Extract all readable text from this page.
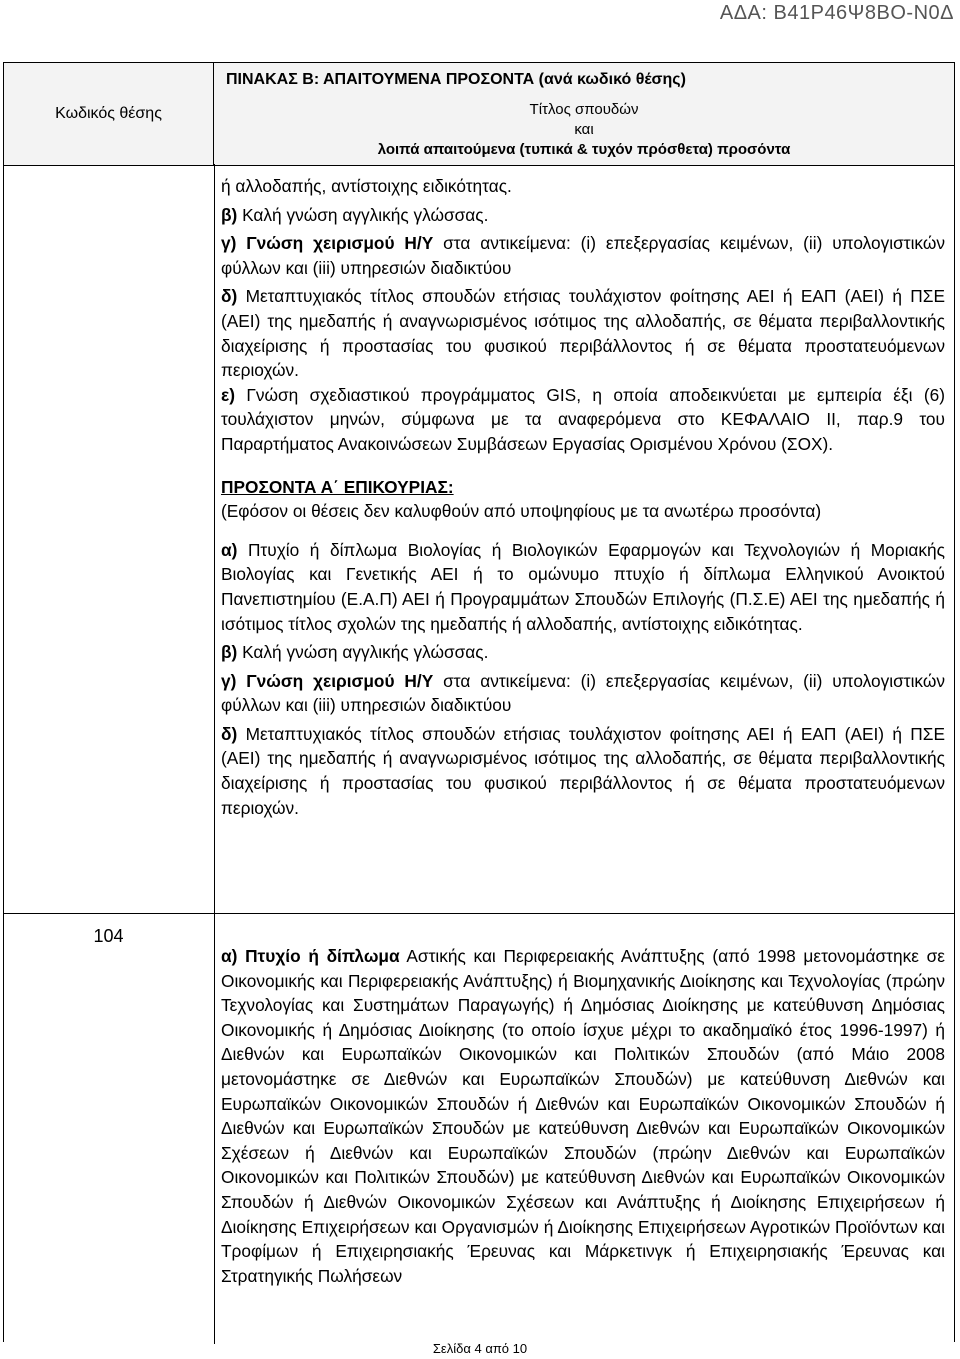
ΑΔΑ: Β41Ρ46Ψ8ΒΟ-Ν0Δ
Κωδικός θέσης
ΠΙΝΑΚΑΣ Β: ΑΠΑΙΤΟΥΜΕΝΑ ΠΡΟΣΟΝΤΑ (ανά κωδικό θέσης)
Τίτλος σπουδών
και
λοιπά απαιτούμενα (τυπικά & τυχόν πρόσθετα) προσόντα
104

ή αλλοδαπής, αντίστοιχης ειδικότητας.

β) Καλή γνώση αγγλικής γλώσσας.

γ) Γνώση χειρισμού Η/Υ στα αντικείμενα: (i) επεξεργασίας κειμένων, (ii) υπολογιστικών φύλλων και (iii) υπηρεσιών διαδικτύου

δ) Μεταπτυχιακός τίτλος σπουδών ετήσιας τουλάχιστον φοίτησης ΑΕΙ ή ΕΑΠ (ΑΕΙ) ή ΠΣΕ (ΑΕΙ) της ημεδαπής ή αναγνωρισμένος ισότιμος της αλλοδαπής, σε θέματα περιβαλλοντικής διαχείρισης ή προστασίας του φυσικού περιβάλλοντος ή σε θέματα προστατευόμενων περιοχών.

ε) Γνώση σχεδιαστικού προγράμματος GIS, η οποία αποδεικνύεται με εμπειρία έξι (6) τουλάχιστον μηνών, σύμφωνα με τα αναφερόμενα στο ΚΕΦΑΛΑΙΟ ΙΙ, παρ.9 του Παραρτήματος Ανακοινώσεων Συμβάσεων Εργασίας Ορισμένου Χρόνου (ΣΟΧ).

ΠΡΟΣΟΝΤΑ Α΄ ΕΠΙΚΟΥΡΙΑΣ:

(Εφόσον οι θέσεις δεν καλυφθούν από υποψηφίους με τα ανωτέρω προσόντα)

α) Πτυχίο ή δίπλωμα Βιολογίας ή Βιολογικών Εφαρμογών και Τεχνολογιών ή Μοριακής Βιολογίας και Γενετικής ΑΕΙ ή το ομώνυμο πτυχίο ή δίπλωμα Ελληνικού Ανοικτού Πανεπιστημίου (Ε.Α.Π) ΑΕΙ ή Προγραμμάτων Σπουδών Επιλογής (Π.Σ.Ε) ΑΕΙ της ημεδαπής ή ισότιμος τίτλος σχολών της ημεδαπής ή αλλοδαπής, αντίστοιχης ειδικότητας.

β) Καλή γνώση αγγλικής γλώσσας.

γ) Γνώση χειρισμού Η/Υ στα αντικείμενα: (i) επεξεργασίας κειμένων, (ii) υπολογιστικών φύλλων και (iii) υπηρεσιών διαδικτύου

δ) Μεταπτυχιακός τίτλος σπουδών ετήσιας τουλάχιστον φοίτησης ΑΕΙ ή ΕΑΠ (ΑΕΙ) ή ΠΣΕ (ΑΕΙ) της ημεδαπής ή αναγνωρισμένος ισότιμος της αλλοδαπής, σε θέματα περιβαλλοντικής διαχείρισης ή προστασίας του φυσικού περιβάλλοντος ή σε θέματα προστατευόμενων περιοχών.

α) Πτυχίο ή δίπλωμα Αστικής και Περιφερειακής Ανάπτυξης (από 1998 μετονομάστηκε σε Οικονομικής και Περιφερειακής Ανάπτυξης) ή Βιομηχανικής Διοίκησης και Τεχνολογίας (πρώην Τεχνολογίας και Συστημάτων Παραγωγής) ή Δημόσιας Διοίκησης με κατεύθυνση Δημόσιας Οικονομικής ή Δημόσιας Διοίκησης (το οποίο ίσχυε μέχρι το ακαδημαϊκό έτος 1996-1997) ή Διεθνών και Ευρωπαϊκών Οικονομικών και Πολιτικών Σπουδών (από Μάιο 2008 μετονομάστηκε σε Διεθνών και Ευρωπαϊκών Σπουδών) με κατεύθυνση Διεθνών και Ευρωπαϊκών Οικονομικών Σπουδών ή Διεθνών και Ευρωπαϊκών Οικονομικών Σπουδών ή Διεθνών και Ευρωπαϊκών Σπουδών με κατεύθυνση Διεθνών και Ευρωπαϊκών Οικονομικών Σχέσεων ή Διεθνών και Ευρωπαϊκών Σπουδών (πρώην Διεθνών και Ευρωπαϊκών Οικονομικών και Πολιτικών Σπουδών) με κατεύθυνση Διεθνών και Ευρωπαϊκών Οικονομικών Σπουδών ή Διεθνών Οικονομικών Σχέσεων και Ανάπτυξης ή Διοίκησης Επιχειρήσεων ή Διοίκησης Επιχειρήσεων και Οργανισμών ή Διοίκησης Επιχειρήσεων Αγροτικών Προϊόντων και Τροφίμων ή Επιχειρησιακής Έρευνας και Μάρκετινγκ ή Επιχειρησιακής Έρευνας και Στρατηγικής Πωλήσεων

Σελίδα 4 από 10
